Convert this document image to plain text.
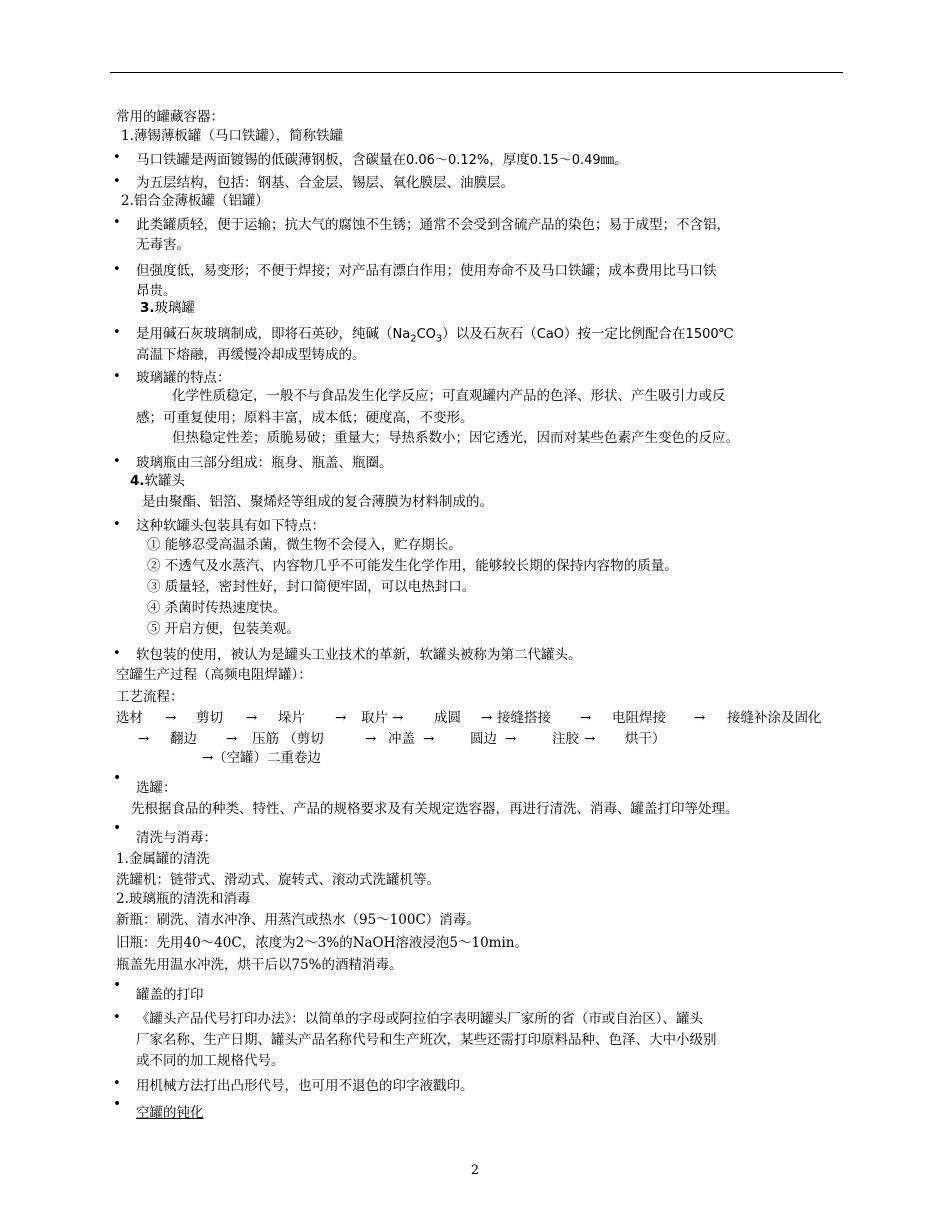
常用的罐藏容器：
1.薄锡薄板罐（马口铁罐），简称铁罐
• 马口铁罐是两面镀锡的低碳薄钢板，含碳量在0.06～0.12%，厚度0.15～0.49㎜。
• 为五层结构，包括：钢基、合金层、锡层、氧化膜层、油膜层。
2.铝合金薄板罐（铝罐）
• 此类罐质轻，便于运输；抗大气的腐蚀不生锈；通常不会受到含硫产品的染色；易于成型；不含铝，
无毒害。
• 但强度低，易变形；不便于焊接；对产品有漂白作用；使用寿命不及马口铁罐；成本费用比马口铁
昂贵。
3.玻璃罐
• 是用碱石灰玻璃制成，即将石英砂，纯碱$(Na_2CO_3)$以及石灰石（CaO）按一定比例配合在1500℃
高温下熔融，再缓慢冷却成型铸成的。
• 玻璃罐的特点：
化学性质稳定，一般不与食品发生化学反应；可直观罐内产品的色泽、形状、产生吸引力或反
感；可重复使用；原料丰富，成本低；硬度高，不变形。
但热稳定性差；质脆易破；重量大；导热系数小；因它透光，因而对某些色素产生变色的反应。
• 玻璃瓶由三部分组成：瓶身、瓶盖、瓶圈。
4.软罐头
是由聚酯、铝箔、聚烯烃等组成的复合薄膜为材料制成的。
• 这种软罐头包装具有如下特点：
① 能够忍受高温杀菌，微生物不会侵入，贮存期长。
② 不透气及水蒸汽、内容物几乎不可能发生化学作用，能够较长期的保持内容物的质量。
③ 质量轻，密封性好，封口简便牢固，可以电热封口。
④ 杀菌时传热速度快。
⑤ 开启方便，包装美观。
• 软包装的使用，被认为是罐头工业技术的革新，软罐头被称为第二代罐头。
空罐生产过程（高频电阻焊罐）：
工艺流程：
选材 → 剪切 → 垛片 → 取片 → 成圆 → 接缝搭接 → 电阻焊接 → 接缝补涂及固化
→ 翻边 → 压筋 （剪切	→ 冲盖 →	圆边 →	注胶 → 烘干）
→ （空罐）二重卷边
•
选罐：
先根据食品的种类、特性、产品的规格要求及有关规定选容器，再进行清洗、消毒、罐盖打印等处理。
•
清洗与消毒：
1.金属罐的清洗
洗罐机：链带式、滑动式、旋转式、滚动式洗罐机等。
2.玻璃瓶的清洗和消毒
新瓶：刷洗、清水冲净、用蒸汽或热水（95～100C）消毒。
旧瓶：先用40～40C，浓度为2～3%的NaOH溶液浸泡5～10min。
瓶盖先用温水冲洗，烘干后以75%的酒精消毒。
•
罐盖的打印
• 《罐头产品代号打印办法》：以简单的字母或阿拉伯字表明罐头厂家所的省（市或自治区）、罐头
厂家名称、生产日期、罐头产品名称代号和生产班次，某些还需打印原料品种、色泽、大中小级别
或不同的加工规格代号。
• 用机械方法打出凸形代号，也可用不退色的印字液戳印。
•
空罐的钝化
2
